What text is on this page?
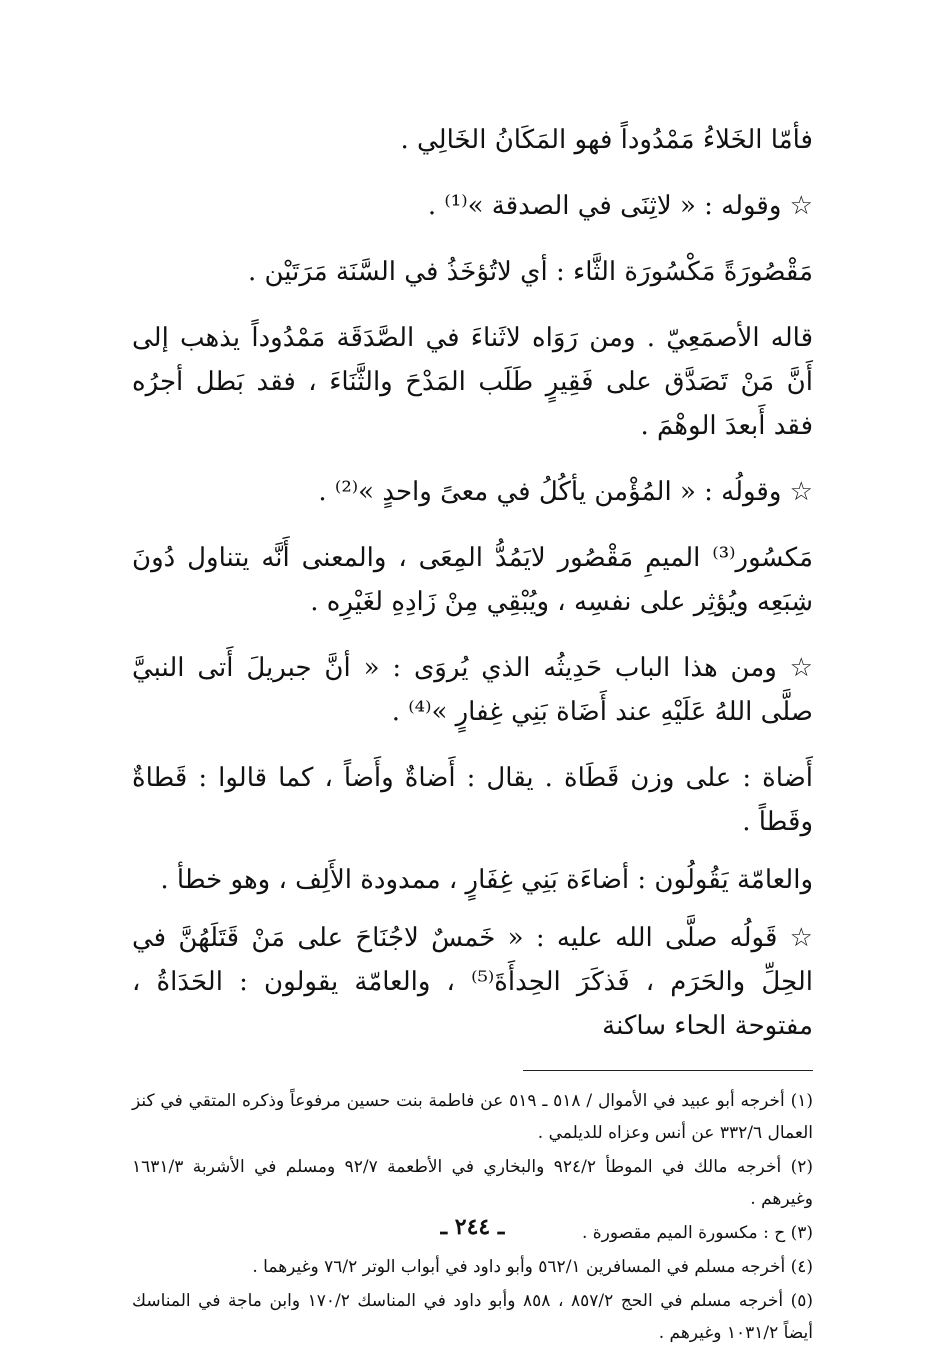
فأمّا الخَلاءُ مَمْدُوداً فهو المَكَانُ الخَالِي .

☆ وقوله : « لاثِنَى في الصدقة »⁽¹⁾ .

مَقْصُورَةً مَكْسُورَة الثَّاء : أي لاتُؤخَذُ في السَّنَة مَرَتَيْن .

قاله الأصمَعِيّ . ومن رَوَاه لاثَناءَ في الصَّدَقَة مَمْدُوداً يذهب إلى أَنَّ مَنْ تَصَدَّق على فَقِيرٍ طَلَب المَدْحَ والثَّنَاءَ ، فقد بَطل أجرُه فقد أَبعدَ الوهْمَ .

☆ وقولُه : « المُؤْمن يأكُلُ في معىً واحدٍ »⁽²⁾ .

مَكسُور⁽³⁾ الميمِ مَقْصُور لايَمُدُّ المِعَى ، والمعنى أَنَّه يتناول دُونَ شِبَعِه ويُؤثِر على نفسِه ، ويُبْقِي مِنْ زَادِهِ لغَيْرِه .

☆ ومن هذا الباب حَدِيثُه الذي يُروَى : « أنَّ جبريلَ أَتى النبيَّ صلَّى اللهُ عَلَيْهِ عند أَضَاة بَنِي غِفارٍ »⁽⁴⁾ .

أَضاة : على وزن قَطَاة . يقال : أَضاةٌ وأَضاً ، كما قالوا : قَطاةٌ وقَطاً .

والعامّة يَقُولُون : أضاءَة بَنِي غِفَارٍ ، ممدودة الأَلِف ، وهو خطأ .

☆ قَولُه صلَّى الله عليه : « خَمسٌ لاجُنَاحَ على مَنْ قَتَلَهُنَّ في الحِلِّ والحَرَم ، فَذكَرَ الحِدأَةَ⁽⁵⁾ ، والعامّة يقولون : الحَدَاةُ ، مفتوحة الحاء ساكنة

(١) أخرجه أبو عبيد في الأموال / ٥١٨ ـ ٥١٩ عن فاطمة بنت حسين مرفوعاً وذكره المتقي في كنز العمال ٣٣٢/٦ عن أنس وعزاه للديلمي .

(٢) أخرجه مالك في الموطأ ٩٢٤/٢ والبخاري في الأطعمة ٩٢/٧ ومسلم في الأشربة ١٦٣١/٣ وغيرهم .

(٣) ح : مكسورة الميم مقصورة .

(٤) أخرجه مسلم في المسافرين ٥٦٢/١ وأبو داود في أبواب الوتر ٧٦/٢ وغيرهما .

(٥) أخرجه مسلم في الحج ٨٥٧/٢ ، ٨٥٨ وأبو داود في المناسك ١٧٠/٢ وابن ماجة في المناسك أيضاً ١٠٣١/٢ وغيرهم .

ـ ٢٤٤ ـ
